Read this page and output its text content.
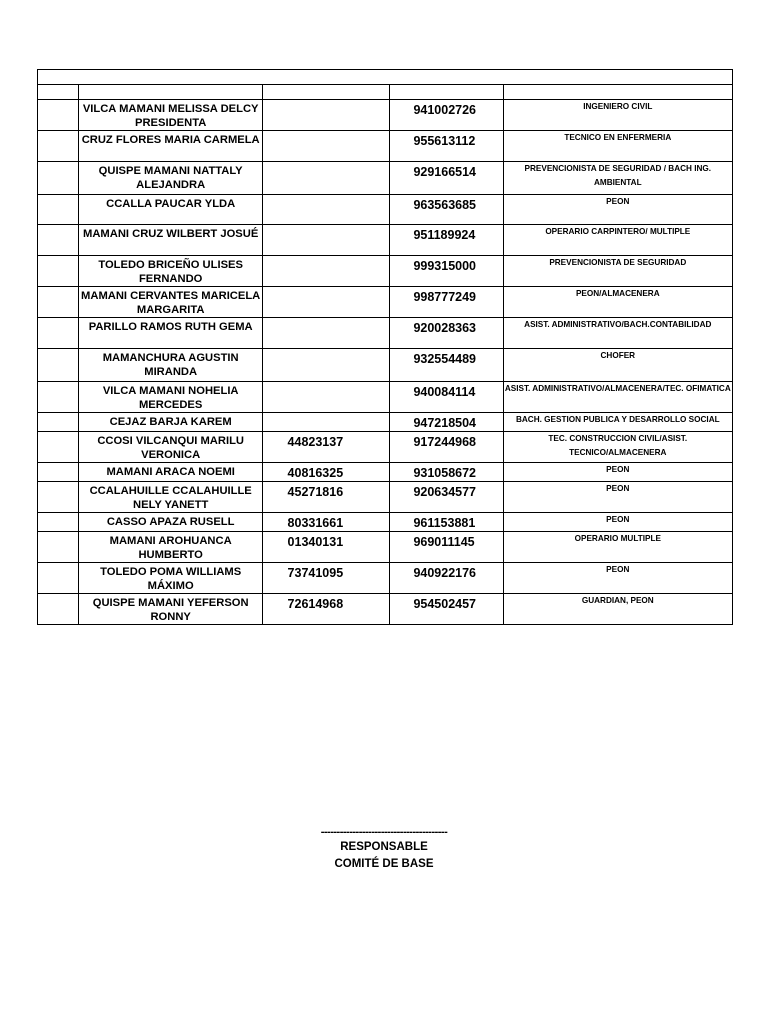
	VILCA MAMANI MELISSA DELCY PRESIDENTA		941002726	INGENIERO CIVIL
	CRUZ FLORES MARIA CARMELA		955613112	TECNICO EN ENFERMERIA
	QUISPE MAMANI NATTALY ALEJANDRA		929166514	PREVENCIONISTA DE SEGURIDAD / BACH ING. AMBIENTAL
	CCALLA PAUCAR YLDA		963563685	PEON
	MAMANI CRUZ WILBERT JOSUÉ		951189924	OPERARIO CARPINTERO/ MULTIPLE
	TOLEDO BRICEÑO ULISES FERNANDO		999315000	PREVENCIONISTA DE SEGURIDAD
	MAMANI CERVANTES MARICELA MARGARITA		998777249	PEON/ALMACENERA
	PARILLO RAMOS RUTH GEMA		920028363	ASIST. ADMINISTRATIVO/BACH.CONTABILIDAD
	MAMANCHURA AGUSTIN MIRANDA		932554489	CHOFER
	VILCA MAMANI NOHELIA MERCEDES		940084114	ASIST. ADMINISTRATIVO/ALMACENERA/TEC. OFIMATICA
	CEJAZ BARJA KAREM		947218504	BACH. GESTION PUBLICA Y DESARROLLO SOCIAL
	CCOSI VILCANQUI MARILU VERONICA	44823137	917244968	TEC. CONSTRUCCION CIVIL/ASIST. TECNICO/ALMACENERA
	MAMANI ARACA NOEMI	40816325	931058672	PEON
	CCALAHUILLE CCALAHUILLE NELY YANETT	45271816	920634577	PEON
	CASSO APAZA RUSELL	80331661	961153881	PEON
	MAMANI AROHUANCA HUMBERTO	01340131	969011145	OPERARIO MULTIPLE
	TOLEDO POMA WILLIAMS MÁXIMO	73741095	940922176	PEON
	QUISPE MAMANI YEFERSON RONNY	72614968	954502457	GUARDIAN, PEON
----------------------------------------
RESPONSABLE
COMITÉ DE BASE
